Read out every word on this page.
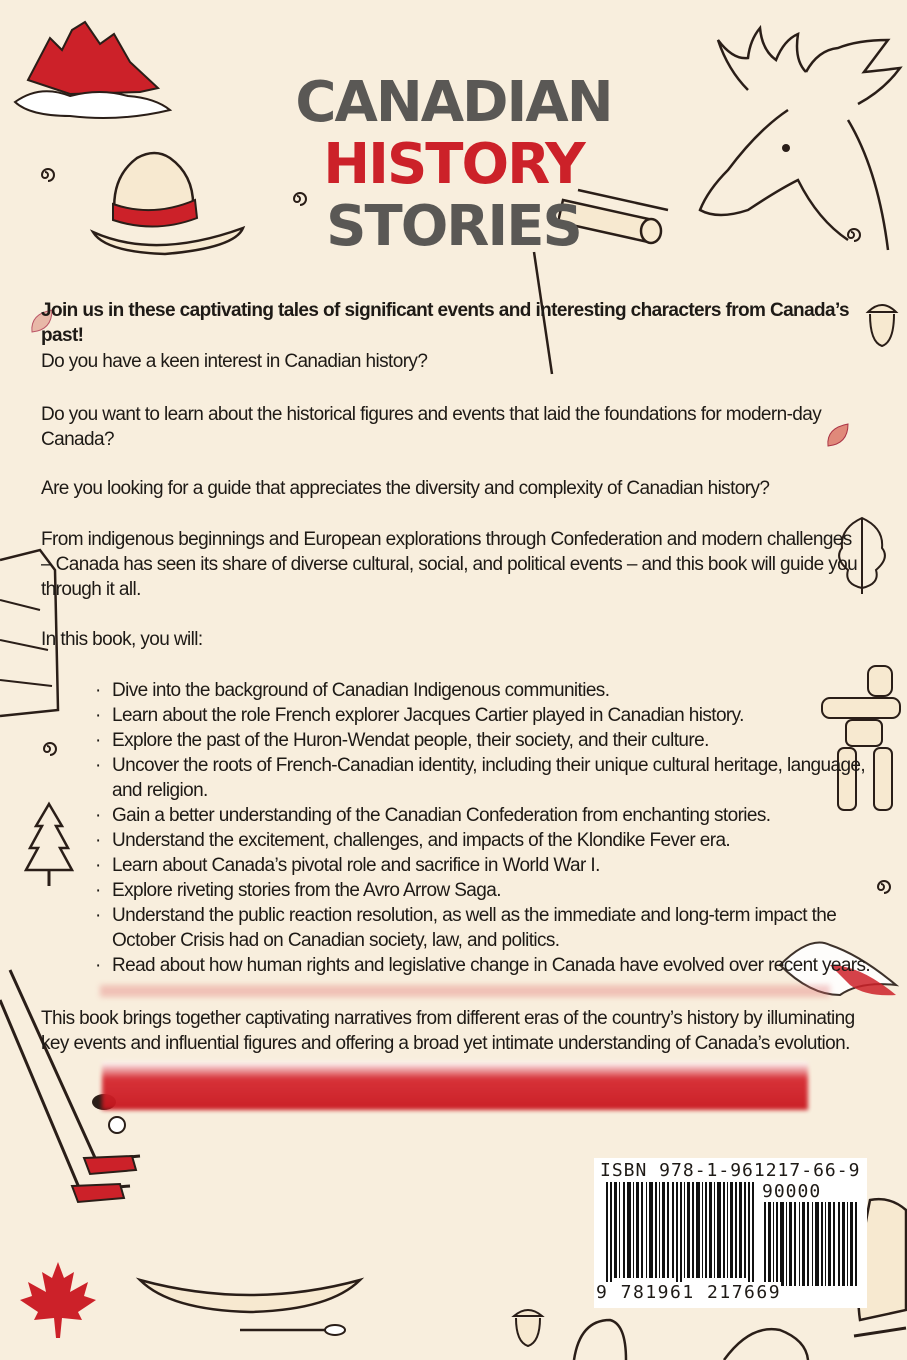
CANADIAN
HISTORY
STORIES
Join us in these captivating tales of significant events and interesting characters from Canada’s past!
Do you have a keen interest in Canadian history?
Do you want to learn about the historical figures and events that laid the foundations for modern-day Canada?
Are you looking for a guide that appreciates the diversity and complexity of Canadian history?
From indigenous beginnings and European explorations through Confederation and modern challenges – Canada has seen its share of diverse cultural, social, and political events – and this book will guide you through it all.
In this book, you will:
· Dive into the background of Canadian Indigenous communities.
· Learn about the role French explorer Jacques Cartier played in Canadian history.
· Explore the past of the Huron-Wendat people, their society, and their culture.
· Uncover the roots of French-Canadian identity, including their unique cultural heritage, language, and religion.
· Gain a better understanding of the Canadian Confederation from enchanting stories.
· Understand the excitement, challenges, and impacts of the Klondike Fever era.
· Learn about Canada’s pivotal role and sacrifice in World War I.
· Explore riveting stories from the Avro Arrow Saga.
· Understand the public reaction resolution, as well as the immediate and long-term impact the October Crisis had on Canadian society, law, and politics.
· Read about how human rights and legislative change in Canada have evolved over recent years.
This book brings together captivating narratives from different eras of the country’s history by illuminating key events and influential figures and offering a broad yet intimate understanding of Canada’s evolution.
ISBN 978-1-961217-66-9
90000
9 781961 217669
